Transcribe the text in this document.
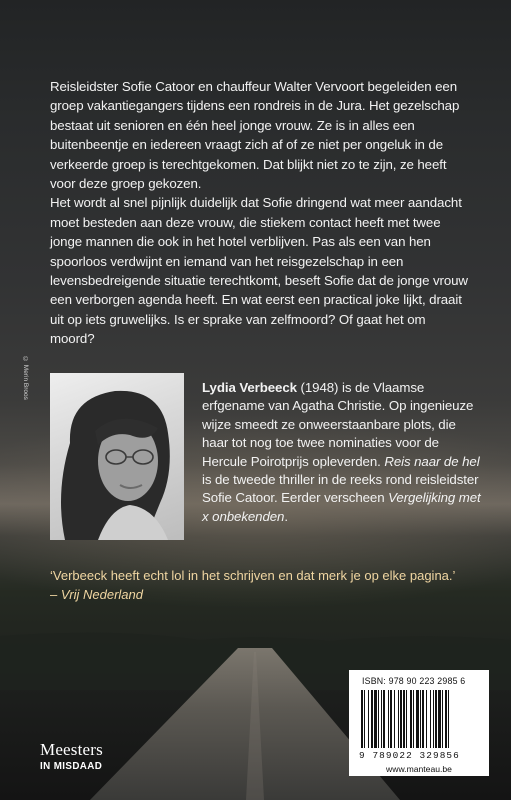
Reisleidster Sofie Catoor en chauffeur Walter Vervoort begeleiden een groep vakantiegangers tijdens een rondreis in de Jura. Het gezelschap bestaat uit senioren en één heel jonge vrouw. Ze is in alles een buitenbeentje en iedereen vraagt zich af of ze niet per ongeluk in de verkeerde groep is terechtgekomen. Dat blijkt niet zo te zijn, ze heeft voor deze groep gekozen.

Het wordt al snel pijnlijk duidelijk dat Sofie dringend wat meer aandacht moet besteden aan deze vrouw, die stiekem contact heeft met twee jonge mannen die ook in het hotel verblijven. Pas als een van hen spoorloos verdwijnt en iemand van het reisgezelschap in een levensbedreigende situatie terechtkomt, beseft Sofie dat de jonge vrouw een verborgen agenda heeft. En wat eerst een practical joke lijkt, draait uit op iets gruwelijks. Is er sprake van zelfmoord? Of gaat het om moord?

© Merin Broos	Lydia Verbeeck (1948) is de Vlaamse erfgename van Agatha Christie. Op ingenieuze wijze smeedt ze onweerstaanbare plots, die haar tot nog toe twee nominaties voor de Hercule Poirotprijs opleverden. Reis naar de hel is de tweede thriller in de reeks rond reisleidster Sofie Catoor. Eerder verscheen Vergelijking met x onbekenden.
‘Verbeeck heeft echt lol in het schrijven en dat merk je op elke pagina.’
– Vrij Nederland
ISBN: 978 90 223 2985 6
9 789022 329856
www.manteau.be
Meesters
IN MISDAAD
